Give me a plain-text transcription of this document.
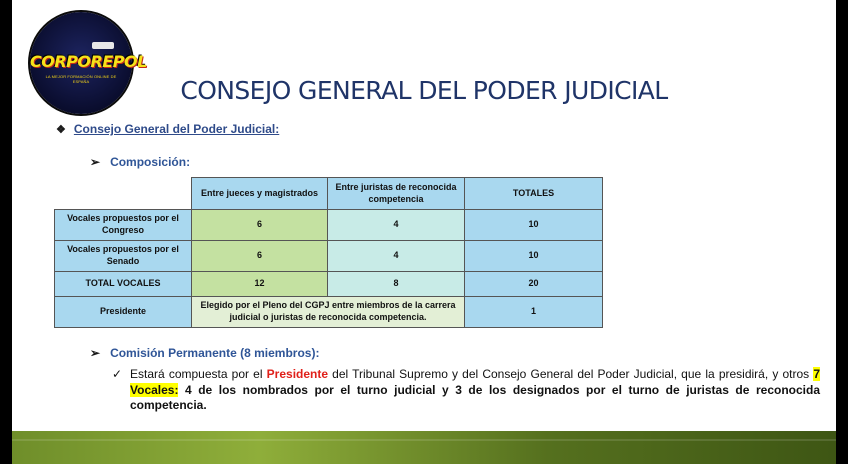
CORPOREPOL
LA MEJOR FORMACIÓN ONLINE DE ESPAÑA	CONSEJO GENERAL DEL PODER JUDICIAL
❖ Consejo General del Poder Judicial:
➢ Composición:
	Entre jueces y magistrados	Entre juristas de reconocida competencia	TOTALES
Vocales propuestos por el Congreso	6	4	10
Vocales propuestos por el Senado	6	4	10
TOTAL VOCALES	12	8	20
Presidente	Elegido por el Pleno del CGPJ entre miembros de la carrera judicial o juristas de reconocida competencia.		1
➢ Comisión Permanente (8 miembros):
✓ Estará compuesta por el Presidente del Tribunal Supremo y del Consejo General del Poder Judicial, que la presidirá, y otros 7 Vocales: 4 de los nombrados por el turno judicial y 3 de los designados por el turno de juristas de reconocida competencia.
